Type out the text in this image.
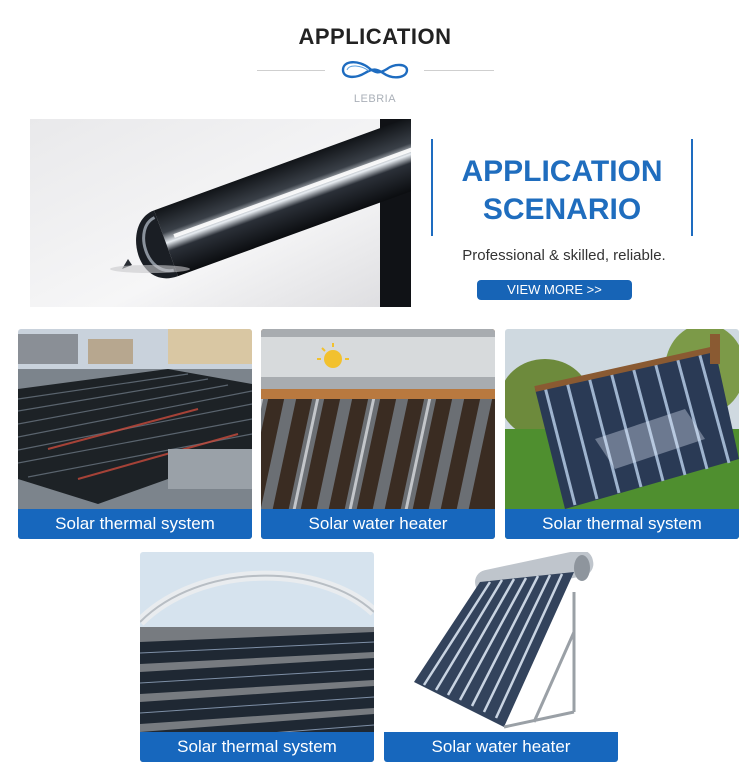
APPLICATION
LEBRIA
APPLICATION
SCENARIO
Professional & skilled, reliable.
VIEW MORE >>
Solar thermal system	Solar water heater	Solar thermal system
Solar thermal system	Solar water heater
